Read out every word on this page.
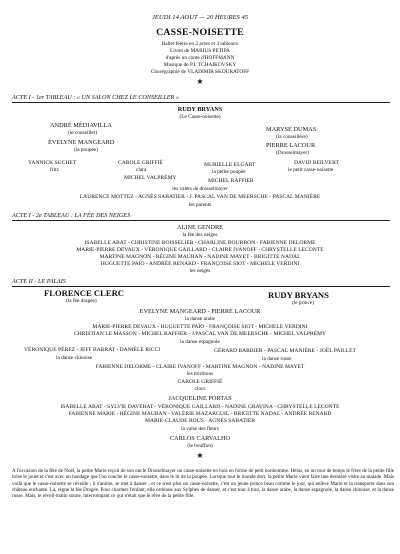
JEUDI 14 AOUT — 20 HEURES 45
CASSE-NOISETTE
Ballet féérie en 2 actes et 3 tableaux
Livret de MARIUS PETIPA
d'après un conte d'HOFFMANN
Musique de P.I. TCHAIKOVSKY
Chorégraphie de VLADIMIR SKOURATOFF
★
ACTE I - 1er TABLEAU : « UN SALON CHEZ LE CONSEILLER »
RUDY BRYANS
(Le Casse-noisette)
ANDRÉ MÉDIAVILLA
(le conseiller)	MARYSE DUMAS
(la conseillère)
ÉVELYNE MANGEARD
(la poupée)
PIERRE LACOUR
(Drosselmayer)
YANNICK SUCHET
fritz
CAROLE GRIFFIÉ
clara
MURIELLE ELGART
la petite poupée
DAVID BEILVERT
le petit casse-noisette
MICHEL VALPRÉMY	MICHEL RAFFIER
les valets de drosselmayer
LAURENCE MOTTEZ - AGNÈS SABATIER - J. PASCAL VAN DE MEERSCHE - PASCAL MANIÈRE
les parents
ACTE I - 2e TABLEAU : LA FÉE DES NEIGES
ALINE GENDRE
la fée des neiges
ISABELLE ABAT - CHRISTINE BOISSELIER - CHARLINE BOURBON - FABIENNE DELORME
MARIE-PIERRE DEVAUX - VÉRONIQUE GAILLARD - CLAIRE IVANOFF - CHRYSTELLE LECONTE
MARTINE MAGNON - RÉGINE MAURAN - NADINE MAYET - BRIGITTE NADAL
HUGUETTE PAÏO - ANDRÉE RENARD - FRANÇOISE SIOT - MICHELE VERDINI
les neiges
ACTE II - LE PALAIS
FLORENCE CLERC
(la fée dragée)
RUDY BRYANS
(le prince)
EVELYNE MANGEARD - PIERRE LACOUR
la danse arabe
MARIE-PIERRE DEVAUX - HUGUETTE PAÏO - FRANÇOISE SIOT - MICHELE VERDINI
CHRISTIAN LE MASSON - MICHEL RAFFIER - J.PASCAL VAN DE MEERSCHE - MICHEL VALPRÉMY
la danse espagnole
VÉRONIQUE PÉREZ - JEFF BARRAT - DANIÈLE RICCI
la danse chinoise
GÉRARD BARBIER - PASCAL MANIÈRE - JOËL PAILLET
la danse russe
FABIENNE DELORME - CLAIRE IVANOFF - MARTINE MAGNON - NADINE MAYET
les mirlitons
CAROLE GRIFFIÉ
clocs
JACQUELINE PORTAS
ISABELLE ABAT - SYLVIE DAVERAT - VÉRONIQUE GAILLARD - NADINE GRAVINA - CHRYSTELLE LECONTE
FABIENNE MARIE - RÉGINE MAURAN - VALÉRIE MAZARGUIL - BRIGITTE NADAL - ANDRÉE RENARD
MARIE-CLAUDE ROUS - AGNÈS SABATIER
la valse des fleurs
CARLOS CARVALHO
(le bouffon)
★
A l'occasion de la fête de Noël, la petite Marie reçoit de son oncle Drosselmayer un casse-noisette en bois en forme de petit bonhomme. Hélas, en un tour de temps le frère de la petite fille brise le jouet et c'est avec un bandage que l'on couche le casse-noisette, dans le lit de la poupée. Lorsque tout le monde dort, la petite Marie vient faire une dernière visite au malade. Mais voilà que le casse-noisette se réveille ; il s'anime, se met à danser ; et ce n'est plus un casse-noisette, c'est un jeune prince beau comme le jour, qui enlève Marie et la transporte dans son château enchanté. Là, règne la fée Dragée. Pour charmer l'enfant, elle ordonne aux Sylphes de danser, et c'est tour à tour, la danse arabe, la danse espagnole, la danse chinoise, et la danse russe. Mais, le réveil-matin sonne, interrompant ce qui n'était que le rêve de la petite fille.
